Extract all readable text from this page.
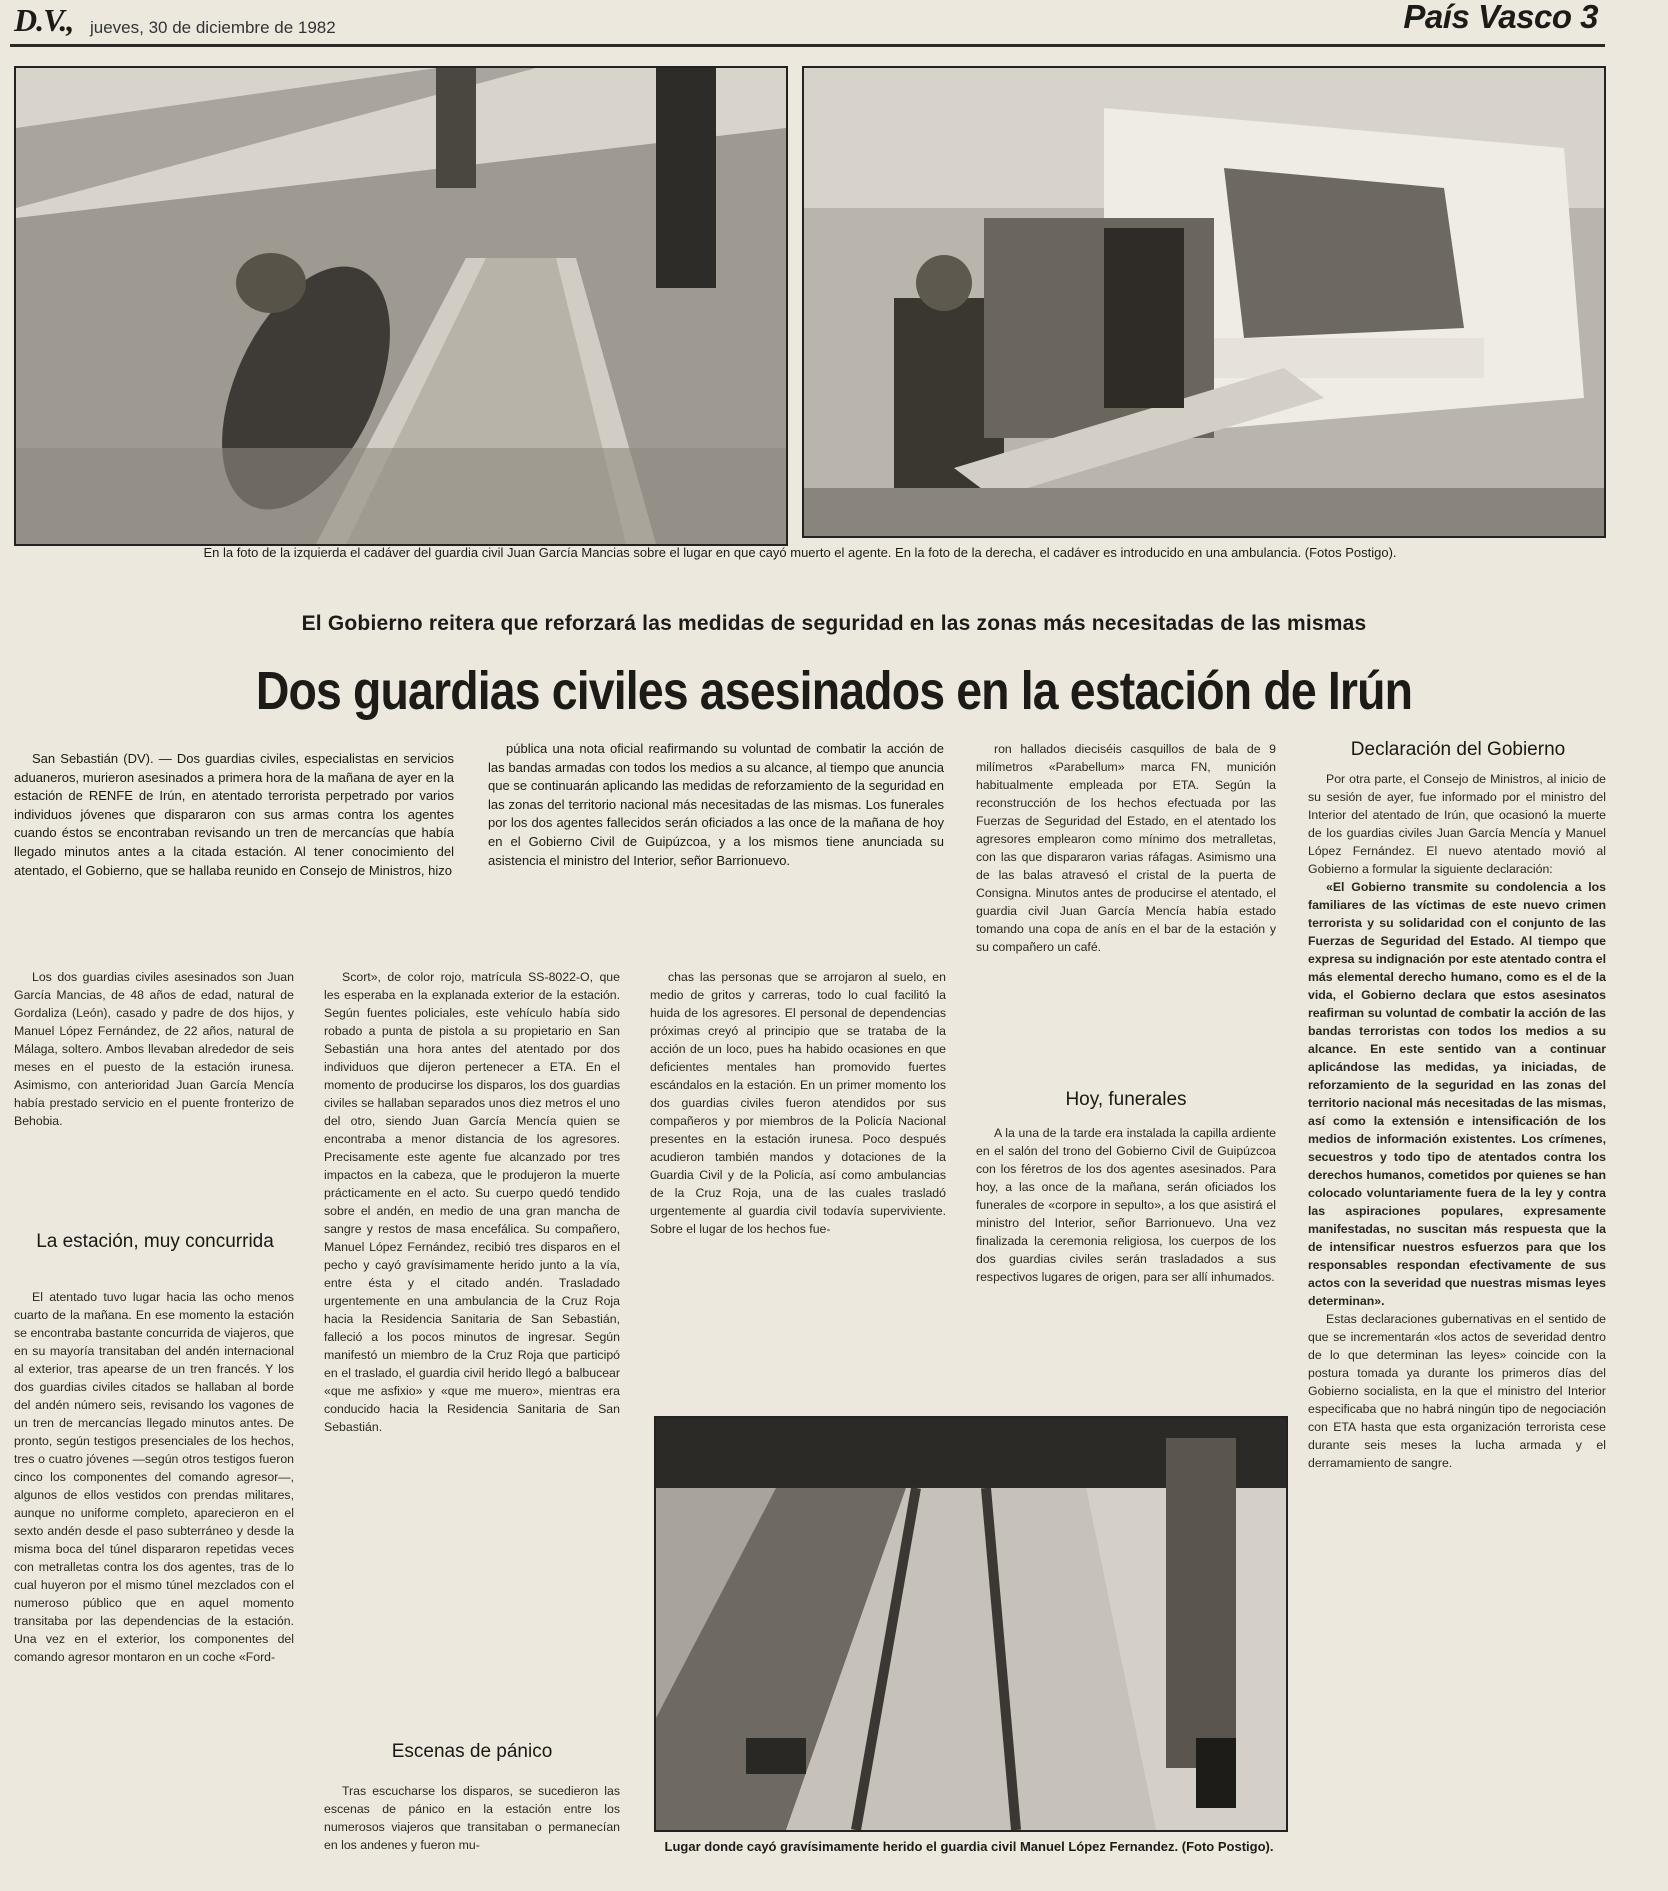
D.V., jueves, 30 de diciembre de 1982	País Vasco 3
En la foto de la izquierda el cadáver del guardia civil Juan García Mancias sobre el lugar en que cayó muerto el agente. En la foto de la derecha, el cadáver es introducido en una ambulancia. (Fotos Postigo).
El Gobierno reitera que reforzará las medidas de seguridad en las zonas más necesitadas de las mismas
Dos guardias civiles asesinados en la estación de Irún

San Sebastián (DV). — Dos guardias civiles, especialistas en servicios aduaneros, murieron asesinados a primera hora de la mañana de ayer en la estación de RENFE de Irún, en atentado terrorista perpetrado por varios individuos jóvenes que dispararon con sus armas contra los agentes cuando éstos se encontraban revisando un tren de mercancías que había llegado minutos antes a la citada estación. Al tener conocimiento del atentado, el Gobierno, que se hallaba reunido en Consejo de Ministros, hizo

pública una nota oficial reafirmando su voluntad de combatir la acción de las bandas armadas con todos los medios a su alcance, al tiempo que anuncia que se continuarán aplicando las medidas de reforzamiento de la seguridad en las zonas del territorio nacional más necesitadas de las mismas. Los funerales por los dos agentes fallecidos serán oficiados a las once de la mañana de hoy en el Gobierno Civil de Guipúzcoa, y a los mismos tiene anunciada su asistencia el ministro del Interior, señor Barrionuevo.

Los dos guardias civiles asesinados son Juan García Mancias, de 48 años de edad, natural de Gordaliza (León), casado y padre de dos hijos, y Manuel López Fernández, de 22 años, natural de Málaga, soltero. Ambos llevaban alrededor de seis meses en el puesto de la estación irunesa. Asimismo, con anterioridad Juan García Mencía había prestado servicio en el puente fronterizo de Behobia.

La estación, muy concurrida

El atentado tuvo lugar hacia las ocho menos cuarto de la mañana. En ese momento la estación se encontraba bastante concurrida de viajeros, que en su mayoría transitaban del andén internacional al exterior, tras apearse de un tren francés. Y los dos guardias civiles citados se hallaban al borde del andén número seis, revisando los vagones de un tren de mercancías llegado minutos antes. De pronto, según testigos presenciales de los hechos, tres o cuatro jóvenes —según otros testigos fueron cinco los componentes del comando agresor—, algunos de ellos vestidos con prendas militares, aunque no uniforme completo, aparecieron en el sexto andén desde el paso subterráneo y desde la misma boca del túnel dispararon repetidas veces con metralletas contra los dos agentes, tras de lo cual huyeron por el mismo túnel mezclados con el numeroso público que en aquel momento transitaba por las dependencias de la estación. Una vez en el exterior, los componentes del comando agresor montaron en un coche «Ford-

Scort», de color rojo, matrícula SS-8022-O, que les esperaba en la explanada exterior de la estación. Según fuentes policiales, este vehículo había sido robado a punta de pistola a su propietario en San Sebastián una hora antes del atentado por dos individuos que dijeron pertenecer a ETA. En el momento de producirse los disparos, los dos guardias civiles se hallaban separados unos diez metros el uno del otro, siendo Juan García Mencía quien se encontraba a menor distancia de los agresores. Precisamente este agente fue alcanzado por tres impactos en la cabeza, que le produjeron la muerte prácticamente en el acto. Su cuerpo quedó tendido sobre el andén, en medio de una gran mancha de sangre y restos de masa encefálica. Su compañero, Manuel López Fernández, recibió tres disparos en el pecho y cayó gravísimamente herido junto a la vía, entre ésta y el citado andén. Trasladado urgentemente en una ambulancia de la Cruz Roja hacia la Residencia Sanitaria de San Sebastián, falleció a los pocos minutos de ingresar. Según manifestó un miembro de la Cruz Roja que participó en el traslado, el guardia civil herido llegó a balbucear «que me asfixio» y «que me muero», mientras era conducido hacia la Residencia Sanitaria de San Sebastián.

Escenas de pánico

Tras escucharse los disparos, se sucedieron las escenas de pánico en la estación entre los numerosos viajeros que transitaban o permanecían en los andenes y fueron mu-

chas las personas que se arrojaron al suelo, en medio de gritos y carreras, todo lo cual facilitó la huida de los agresores. El personal de dependencias próximas creyó al principio que se trataba de la acción de un loco, pues ha habido ocasiones en que deficientes mentales han promovido fuertes escándalos en la estación. En un primer momento los dos guardias civiles fueron atendidos por sus compañeros y por miembros de la Policía Nacional presentes en la estación irunesa. Poco después acudieron también mandos y dotaciones de la Guardia Civil y de la Policía, así como ambulancias de la Cruz Roja, una de las cuales trasladó urgentemente al guardia civil todavía superviviente. Sobre el lugar de los hechos fue-

ron hallados dieciséis casquillos de bala de 9 milímetros «Parabellum» marca FN, munición habitualmente empleada por ETA. Según la reconstrucción de los hechos efectuada por las Fuerzas de Seguridad del Estado, en el atentado los agresores emplearon como mínimo dos metralletas, con las que dispararon varias ráfagas. Asimismo una de las balas atravesó el cristal de la puerta de Consigna. Minutos antes de producirse el atentado, el guardia civil Juan García Mencía había estado tomando una copa de anís en el bar de la estación y su compañero un café.

Hoy, funerales

A la una de la tarde era instalada la capilla ardiente en el salón del trono del Gobierno Civil de Guipúzcoa con los féretros de los dos agentes asesinados. Para hoy, a las once de la mañana, serán oficiados los funerales de «corpore in sepulto», a los que asistirá el ministro del Interior, señor Barrionuevo. Una vez finalizada la ceremonia religiosa, los cuerpos de los dos guardias civiles serán trasladados a sus respectivos lugares de origen, para ser allí inhumados.

Lugar donde cayó gravísimamente herido el guardia civil Manuel López Fernandez. (Foto Postigo).
Declaración del Gobierno

Por otra parte, el Consejo de Ministros, al inicio de su sesión de ayer, fue informado por el ministro del Interior del atentado de Irún, que ocasionó la muerte de los guardias civiles Juan García Mencía y Manuel López Fernández. El nuevo atentado movió al Gobierno a formular la siguiente declaración:

«El Gobierno transmite su condolencia a los familiares de las víctimas de este nuevo crimen terrorista y su solidaridad con el conjunto de las Fuerzas de Seguridad del Estado. Al tiempo que expresa su indignación por este atentado contra el más elemental derecho humano, como es el de la vida, el Gobierno declara que estos asesinatos reafirman su voluntad de combatir la acción de las bandas terroristas con todos los medios a su alcance. En este sentido van a continuar aplicándose las medidas, ya iniciadas, de reforzamiento de la seguridad en las zonas del territorio nacional más necesitadas de las mismas, así como la extensión e intensificación de los medios de información existentes. Los crímenes, secuestros y todo tipo de atentados contra los derechos humanos, cometidos por quienes se han colocado voluntariamente fuera de la ley y contra las aspiraciones populares, expresamente manifestadas, no suscitan más respuesta que la de intensificar nuestros esfuerzos para que los responsables respondan efectivamente de sus actos con la severidad que nuestras mismas leyes determinan».

Estas declaraciones gubernativas en el sentido de que se incrementarán «los actos de severidad dentro de lo que determinan las leyes» coincide con la postura tomada ya durante los primeros días del Gobierno socialista, en la que el ministro del Interior especificaba que no habrá ningún tipo de negociación con ETA hasta que esta organización terrorista cese durante seis meses la lucha armada y el derramamiento de sangre.
